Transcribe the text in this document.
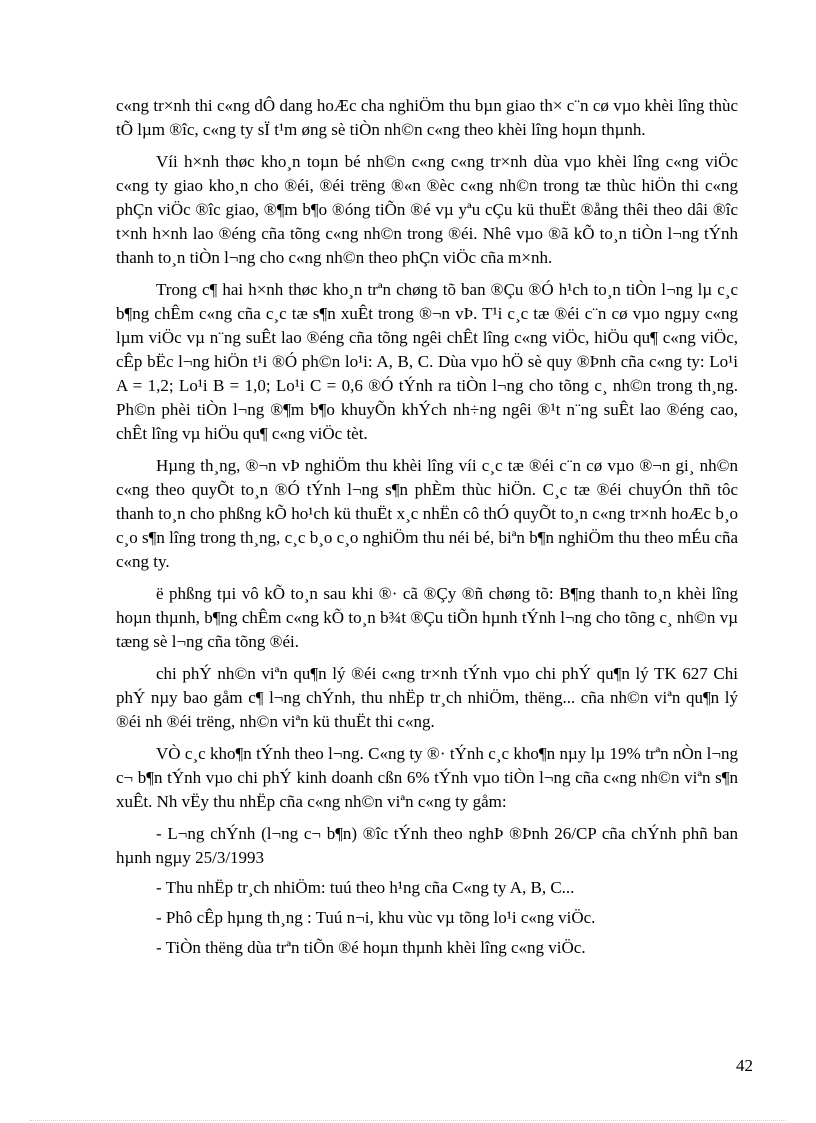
c«ng tr×nh thi c«ng dÔ dang hoÆc cha nghiÖm thu bµn giao th× c¨n cø vµo khèi lîng thùc tÕ lµm ®îc, c«ng ty sÏ t¹m øng sè tiÒn nh©n c«ng theo khèi lîng hoµn thµnh.

Víi h×nh thøc kho¸n toµn bé nh©n c«ng c«ng tr×nh dùa vµo khèi lîng c«ng viÖc c«ng ty giao kho¸n cho ®éi, ®éi trëng ®«n ®èc c«ng nh©n trong tæ thùc hiÖn thi c«ng phÇn viÖc ®îc giao, ®¶m b¶o ®óng tiÕn ®é vµ yªu cÇu kü thuËt ®ång thêi theo dâi ®îc t×nh h×nh lao ®éng cña tõng c«ng nh©n trong ®éi. Nhê vµo ®ã kÕ to¸n tiÒn l¬ng tÝnh thanh to¸n tiÒn l¬ng cho c«ng nh©n theo phÇn viÖc cña m×nh.

Trong c¶ hai h×nh thøc kho¸n trªn chøng tõ ban ®Çu ®Ó h¹ch to¸n tiÒn l¬ng lµ c¸c b¶ng chÊm c«ng cña c¸c tæ s¶n xuÊt trong ®¬n vÞ. T¹i c¸c tæ ®éi c¨n cø vµo ngµy c«ng lµm viÖc vµ n¨ng suÊt lao ®éng cña tõng ngêi chÊt lîng c«ng viÖc, hiÖu qu¶ c«ng viÖc, cÊp bËc l¬ng hiÖn t¹i ®Ó ph©n lo¹i: A, B, C. Dùa vµo hÖ sè quy ®Þnh cña c«ng ty: Lo¹i A = 1,2; Lo¹i B = 1,0; Lo¹i C = 0,6 ®Ó tÝnh ra tiÒn l¬ng cho tõng c¸ nh©n trong th¸ng. Ph©n phèi tiÒn l¬ng ®¶m b¶o khuyÕn khÝch nh÷ng ngêi ®¹t n¨ng suÊt lao ®éng cao, chÊt lîng vµ hiÖu qu¶ c«ng viÖc tèt.

Hµng th¸ng, ®¬n vÞ nghiÖm thu khèi lîng víi c¸c tæ ®éi c¨n cø vµo ®¬n gi¸ nh©n c«ng theo quyÕt to¸n ®Ó tÝnh l¬ng s¶n phÈm thùc hiÖn. C¸c tæ ®éi chuyÓn thñ tôc thanh to¸n cho phßng kÕ ho¹ch kü thuËt x¸c nhËn cô thÓ quyÕt to¸n c«ng tr×nh hoÆc b¸o c¸o s¶n lîng trong th¸ng, c¸c b¸o c¸o nghiÖm thu néi bé, biªn b¶n nghiÖm thu theo mÉu cña c«ng ty.

ë phßng tµi vô kÕ to¸n sau khi ®· cã ®Çy ®ñ chøng tõ: B¶ng thanh to¸n khèi lîng hoµn thµnh, b¶ng chÊm c«ng kÕ to¸n b¾t ®Çu tiÕn hµnh tÝnh l¬ng cho tõng c¸ nh©n vµ tæng sè l¬ng cña tõng ®éi.

chi phÝ nh©n viªn qu¶n lý ®éi c«ng tr×nh tÝnh vµo chi phÝ qu¶n lý TK 627 Chi phÝ nµy bao gåm c¶ l¬ng chÝnh, thu nhËp tr¸ch nhiÖm, thëng... cña nh©n viªn qu¶n lý ®éi nh ®éi trëng, nh©n viªn kü thuËt thi c«ng.

VÒ c¸c kho¶n tÝnh theo l¬ng. C«ng ty ®· tÝnh c¸c kho¶n nµy lµ 19% trªn nÒn l¬ng c¬ b¶n tÝnh vµo chi phÝ kinh doanh cßn 6% tÝnh vµo tiÒn l¬ng cña c«ng nh©n viªn s¶n xuÊt. Nh vËy thu nhËp cña c«ng nh©n viªn c«ng ty gåm:

- L¬ng chÝnh (l¬ng c¬ b¶n) ®îc tÝnh theo nghÞ ®Þnh 26/CP cña chÝnh phñ ban hµnh ngµy 25/3/1993

- Thu nhËp tr¸ch nhiÖm: tuú theo h¹ng cña C«ng ty A, B, C...

- Phô cÊp hµng th¸ng : Tuú n¬i, khu vùc vµ tõng lo¹i c«ng viÖc.

- TiÒn thëng dùa trªn tiÕn ®é hoµn thµnh khèi lîng c«ng viÖc.

42
